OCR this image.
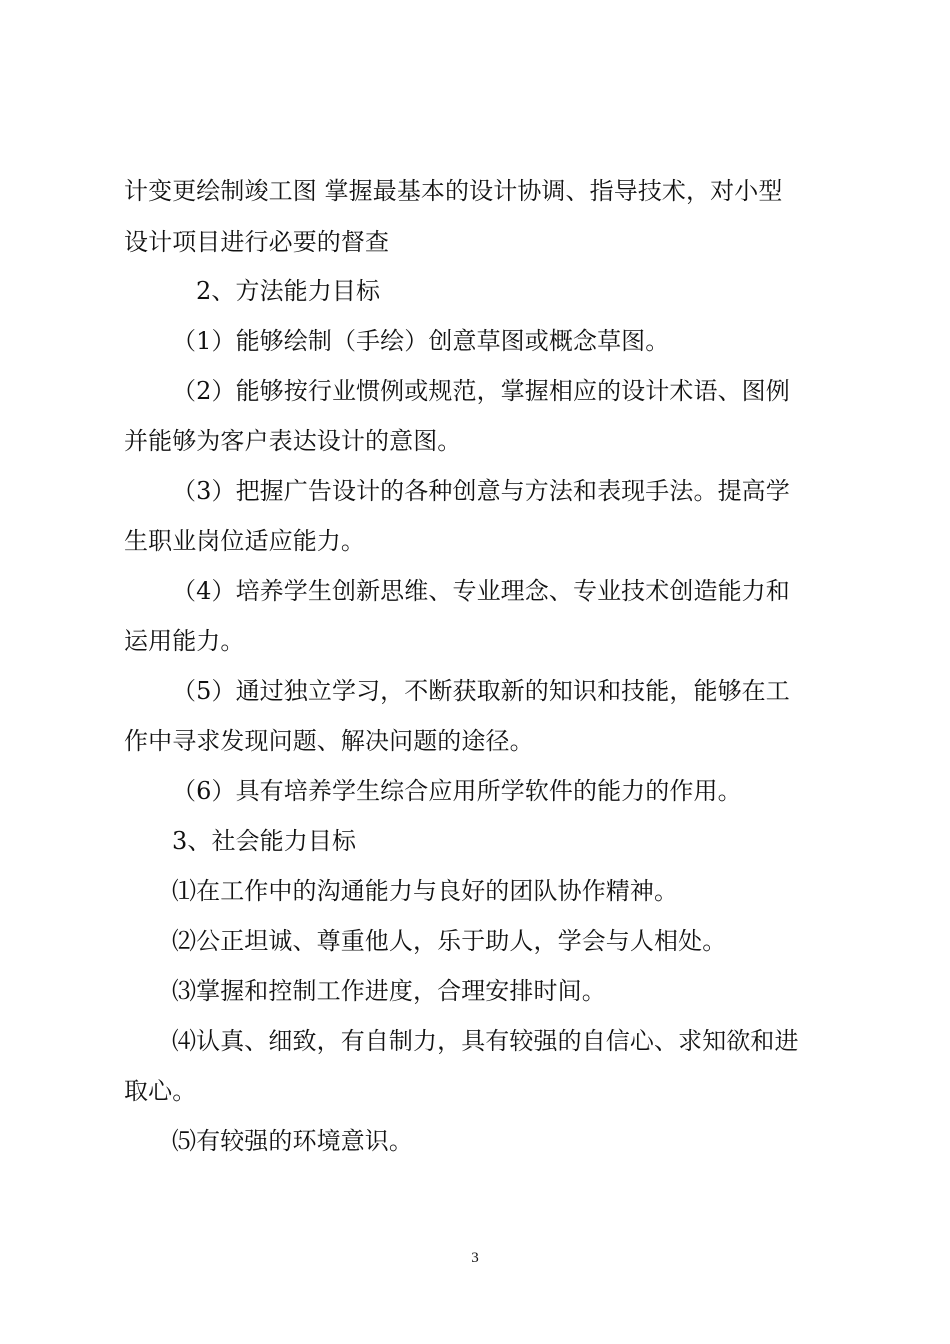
计变更绘制竣工图 掌握最基本的设计协调、指导技术，对小型
设计项目进行必要的督查
2、方法能力目标
（1）能够绘制（手绘）创意草图或概念草图。
（2）能够按行业惯例或规范，掌握相应的设计术语、图例
并能够为客户表达设计的意图。
（3）把握广告设计的各种创意与方法和表现手法。提高学
生职业岗位适应能力。
（4）培养学生创新思维、专业理念、专业技术创造能力和
运用能力。
（5）通过独立学习，不断获取新的知识和技能，能够在工
作中寻求发现问题、解决问题的途径。
（6）具有培养学生综合应用所学软件的能力的作用。
3、社会能力目标
⑴在工作中的沟通能力与良好的团队协作精神。
⑵公正坦诚、尊重他人，乐于助人，学会与人相处。
⑶掌握和控制工作进度，合理安排时间。
⑷认真、细致，有自制力，具有较强的自信心、求知欲和进
取心。
⑸有较强的环境意识。
3
